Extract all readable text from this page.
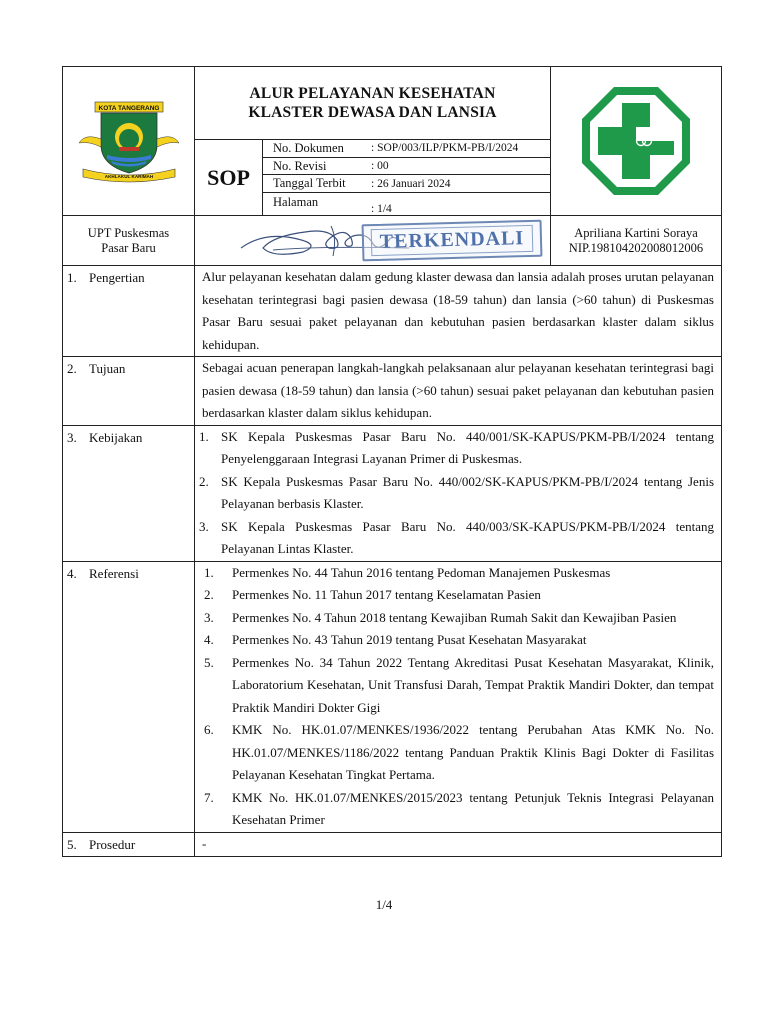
KOTA TANGERANG
AKHLAKUL KARIMAH
ALUR PELAYANAN KESEHATAN
KLASTER DEWASA DAN LANSIA
SOP
No. Dokumen	: SOP/003/ILP/PKM-PB/I/2024
No. Revisi	: 00
Tanggal Terbit	: 26 Januari 2024
Halaman	: 1/4
UPT Puskesmas
Pasar Baru	TERKENDALI	Apriliana Kartini Soraya
NIP.198104202008012006
1. Pengertian	Alur pelayanan kesehatan dalam gedung klaster dewasa dan lansia adalah proses urutan pelayanan kesehatan terintegrasi bagi pasien dewasa (18-59 tahun) dan lansia (>60 tahun) di Puskesmas Pasar Baru sesuai paket pelayanan dan kebutuhan pasien berdasarkan klaster dalam siklus kehidupan.

2. Tujuan	Sebagai acuan penerapan langkah-langkah pelaksanaan alur pelayanan kesehatan terintegrasi bagi pasien dewasa (18-59 tahun) dan lansia (>60 tahun) sesuai paket pelayanan dan kebutuhan pasien berdasarkan klaster dalam siklus kehidupan.

3. Kebijakan	1. SK Kepala Puskesmas Pasar Baru No. 440/001/SK-KAPUS/PKM-PB/I/2024 tentang Penyelenggaraan Integrasi Layanan Primer di Puskesmas.
2. SK Kepala Puskesmas Pasar Baru No. 440/002/SK-KAPUS/PKM-PB/I/2024 tentang Jenis Pelayanan berbasis Klaster.
3. SK Kepala Puskesmas Pasar Baru No. 440/003/SK-KAPUS/PKM-PB/I/2024 tentang Pelayanan Lintas Klaster.
4. Referensi	1.	Permenkes No. 44 Tahun 2016 tentang Pedoman Manajemen Puskesmas
2.	Permenkes No. 11 Tahun 2017 tentang Keselamatan Pasien
3.	Permenkes No. 4 Tahun 2018 tentang Kewajiban Rumah Sakit dan Kewajiban Pasien
4.	Permenkes No. 43 Tahun 2019 tentang Pusat Kesehatan Masyarakat
5.	Permenkes No. 34 Tahun 2022 Tentang Akreditasi Pusat Kesehatan Masyarakat, Klinik, Laboratorium Kesehatan, Unit Transfusi Darah, Tempat Praktik Mandiri Dokter, dan tempat Praktik Mandiri Dokter Gigi
6.	KMK No. HK.01.07/MENKES/1936/2022 tentang Perubahan Atas KMK No. No. HK.01.07/MENKES/1186/2022 tentang Panduan Praktik Klinis Bagi Dokter di Fasilitas Pelayanan Kesehatan Tingkat Pertama.
7.	KMK No. HK.01.07/MENKES/2015/2023 tentang Petunjuk Teknis Integrasi Pelayanan Kesehatan Primer
5. Prosedur	-

1/4
